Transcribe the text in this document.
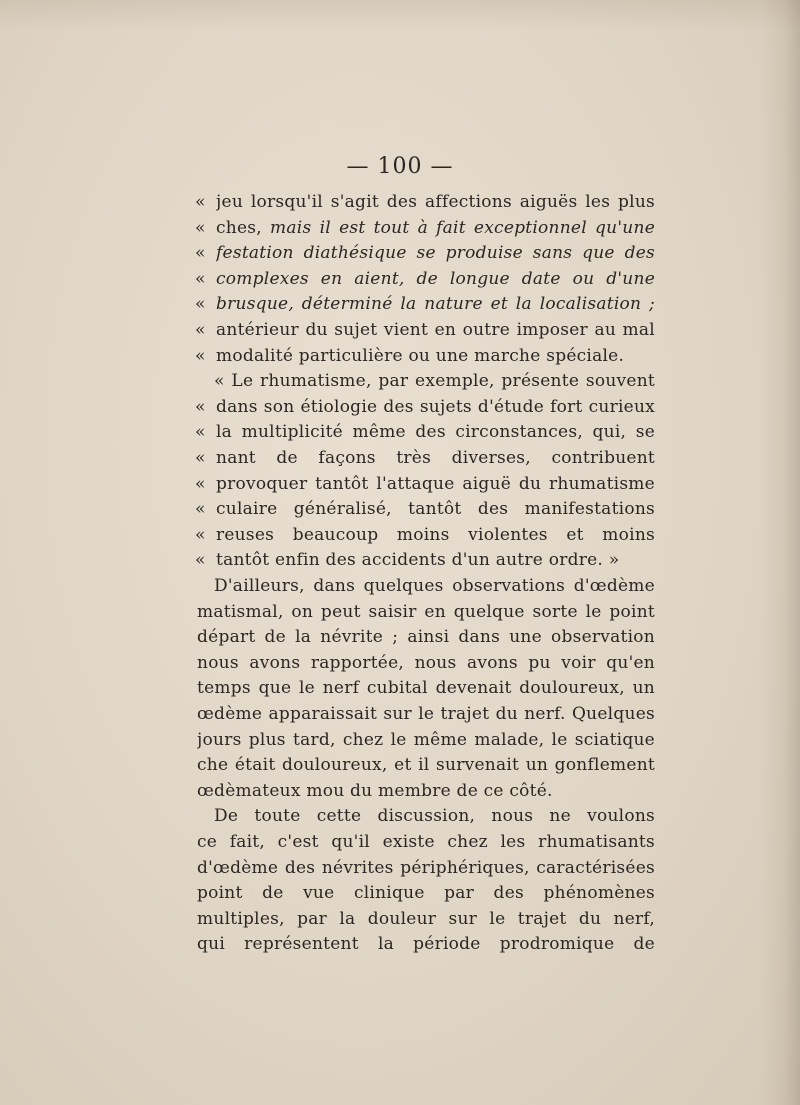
— 100 —
« jeu lorsqu'il s'agit des affections aiguës les plus
« ches, mais il est tout à fait exceptionnel qu'une
« festation diathésique se produise sans que des
« complexes en aient, de longue date ou d'une
« brusque, déterminé la nature et la localisation ;
« antérieur du sujet vient en outre imposer au mal
« modalité particulière ou une marche spéciale.
« Le rhumatisme, par exemple, présente souvent
« dans son étiologie des sujets d'étude fort curieux
« la multiplicité même des circonstances, qui, se
« nant de façons très diverses, contribuent
« provoquer tantôt l'attaque aiguë du rhumatisme
« culaire généralisé, tantôt des manifestations
« reuses beaucoup moins violentes et moins
« tantôt enfin des accidents d'un autre ordre. »
D'ailleurs, dans quelques observations d'œdème
matismal, on peut saisir en quelque sorte le point
départ de la névrite ; ainsi dans une observation
nous avons rapportée, nous avons pu voir qu'en
temps que le nerf cubital devenait douloureux, un
œdème apparaissait sur le trajet du nerf. Quelques
jours plus tard, chez le même malade, le sciatique
che était douloureux, et il survenait un gonflement
œdèmateux mou du membre de ce côté.
De toute cette discussion, nous ne voulons
ce fait, c'est qu'il existe chez les rhumatisants
d'œdème des névrites périphériques, caractérisées
point de vue clinique par des phénomènes
multiples, par la douleur sur le trajet du nerf,
qui représentent la période prodromique de
